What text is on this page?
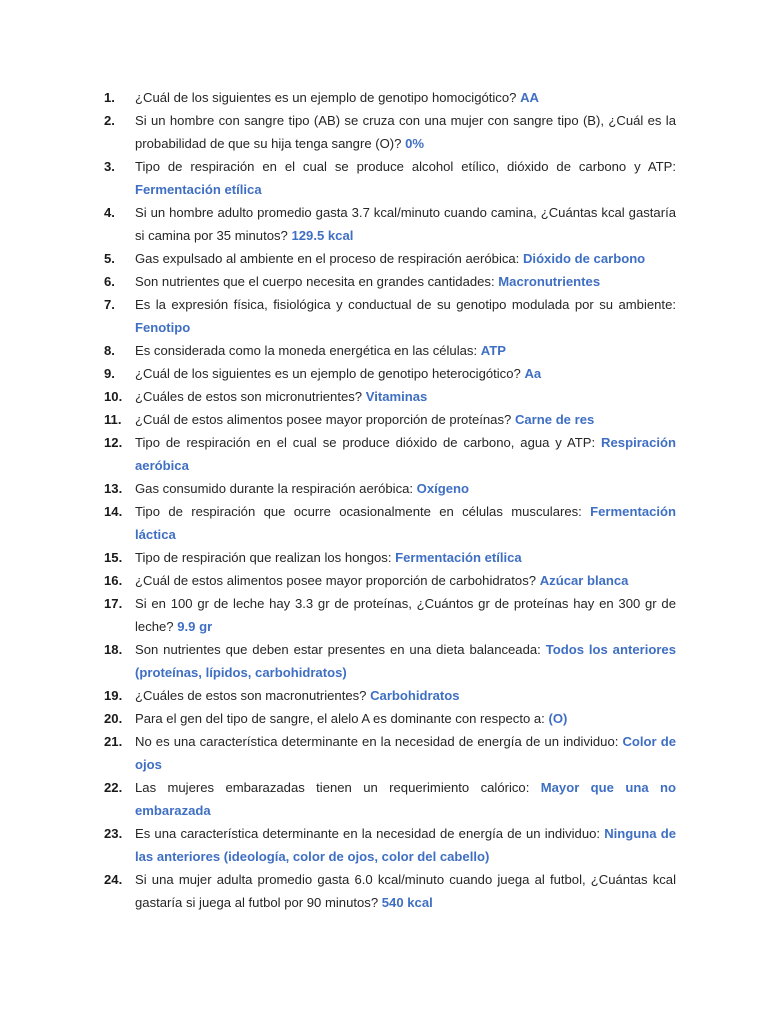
1. ¿Cuál de los siguientes es un ejemplo de genotipo homocigótico? AA
2. Si un hombre con sangre tipo (AB) se cruza con una mujer con sangre tipo (B), ¿Cuál es la probabilidad de que su hija tenga sangre (O)? 0%
3. Tipo de respiración en el cual se produce alcohol etílico, dióxido de carbono y ATP: Fermentación etílica
4. Si un hombre adulto promedio gasta 3.7 kcal/minuto cuando camina, ¿Cuántas kcal gastaría si camina por 35 minutos? 129.5 kcal
5. Gas expulsado al ambiente en el proceso de respiración aeróbica: Dióxido de carbono
6. Son nutrientes que el cuerpo necesita en grandes cantidades: Macronutrientes
7. Es la expresión física, fisiológica y conductual de su genotipo modulada por su ambiente: Fenotipo
8. Es considerada como la moneda energética en las células: ATP
9. ¿Cuál de los siguientes es un ejemplo de genotipo heterocigótico? Aa
10. ¿Cuáles de estos son micronutrientes? Vitaminas
11. ¿Cuál de estos alimentos posee mayor proporción de proteínas? Carne de res
12. Tipo de respiración en el cual se produce dióxido de carbono, agua y ATP: Respiración aeróbica
13. Gas consumido durante la respiración aeróbica: Oxígeno
14. Tipo de respiración que ocurre ocasionalmente en células musculares: Fermentación láctica
15. Tipo de respiración que realizan los hongos: Fermentación etílica
16. ¿Cuál de estos alimentos posee mayor proporción de carbohidratos? Azúcar blanca
17. Si en 100 gr de leche hay 3.3 gr de proteínas, ¿Cuántos gr de proteínas hay en 300 gr de leche? 9.9 gr
18. Son nutrientes que deben estar presentes en una dieta balanceada: Todos los anteriores (proteínas, lípidos, carbohidratos)
19. ¿Cuáles de estos son macronutrientes? Carbohidratos
20. Para el gen del tipo de sangre, el alelo A es dominante con respecto a: (O)
21. No es una característica determinante en la necesidad de energía de un individuo: Color de ojos
22. Las mujeres embarazadas tienen un requerimiento calórico: Mayor que una no embarazada
23. Es una característica determinante en la necesidad de energía de un individuo: Ninguna de las anteriores (ideología, color de ojos, color del cabello)
24. Si una mujer adulta promedio gasta 6.0 kcal/minuto cuando juega al futbol, ¿Cuántas kcal gastaría si juega al futbol por 90 minutos? 540 kcal
